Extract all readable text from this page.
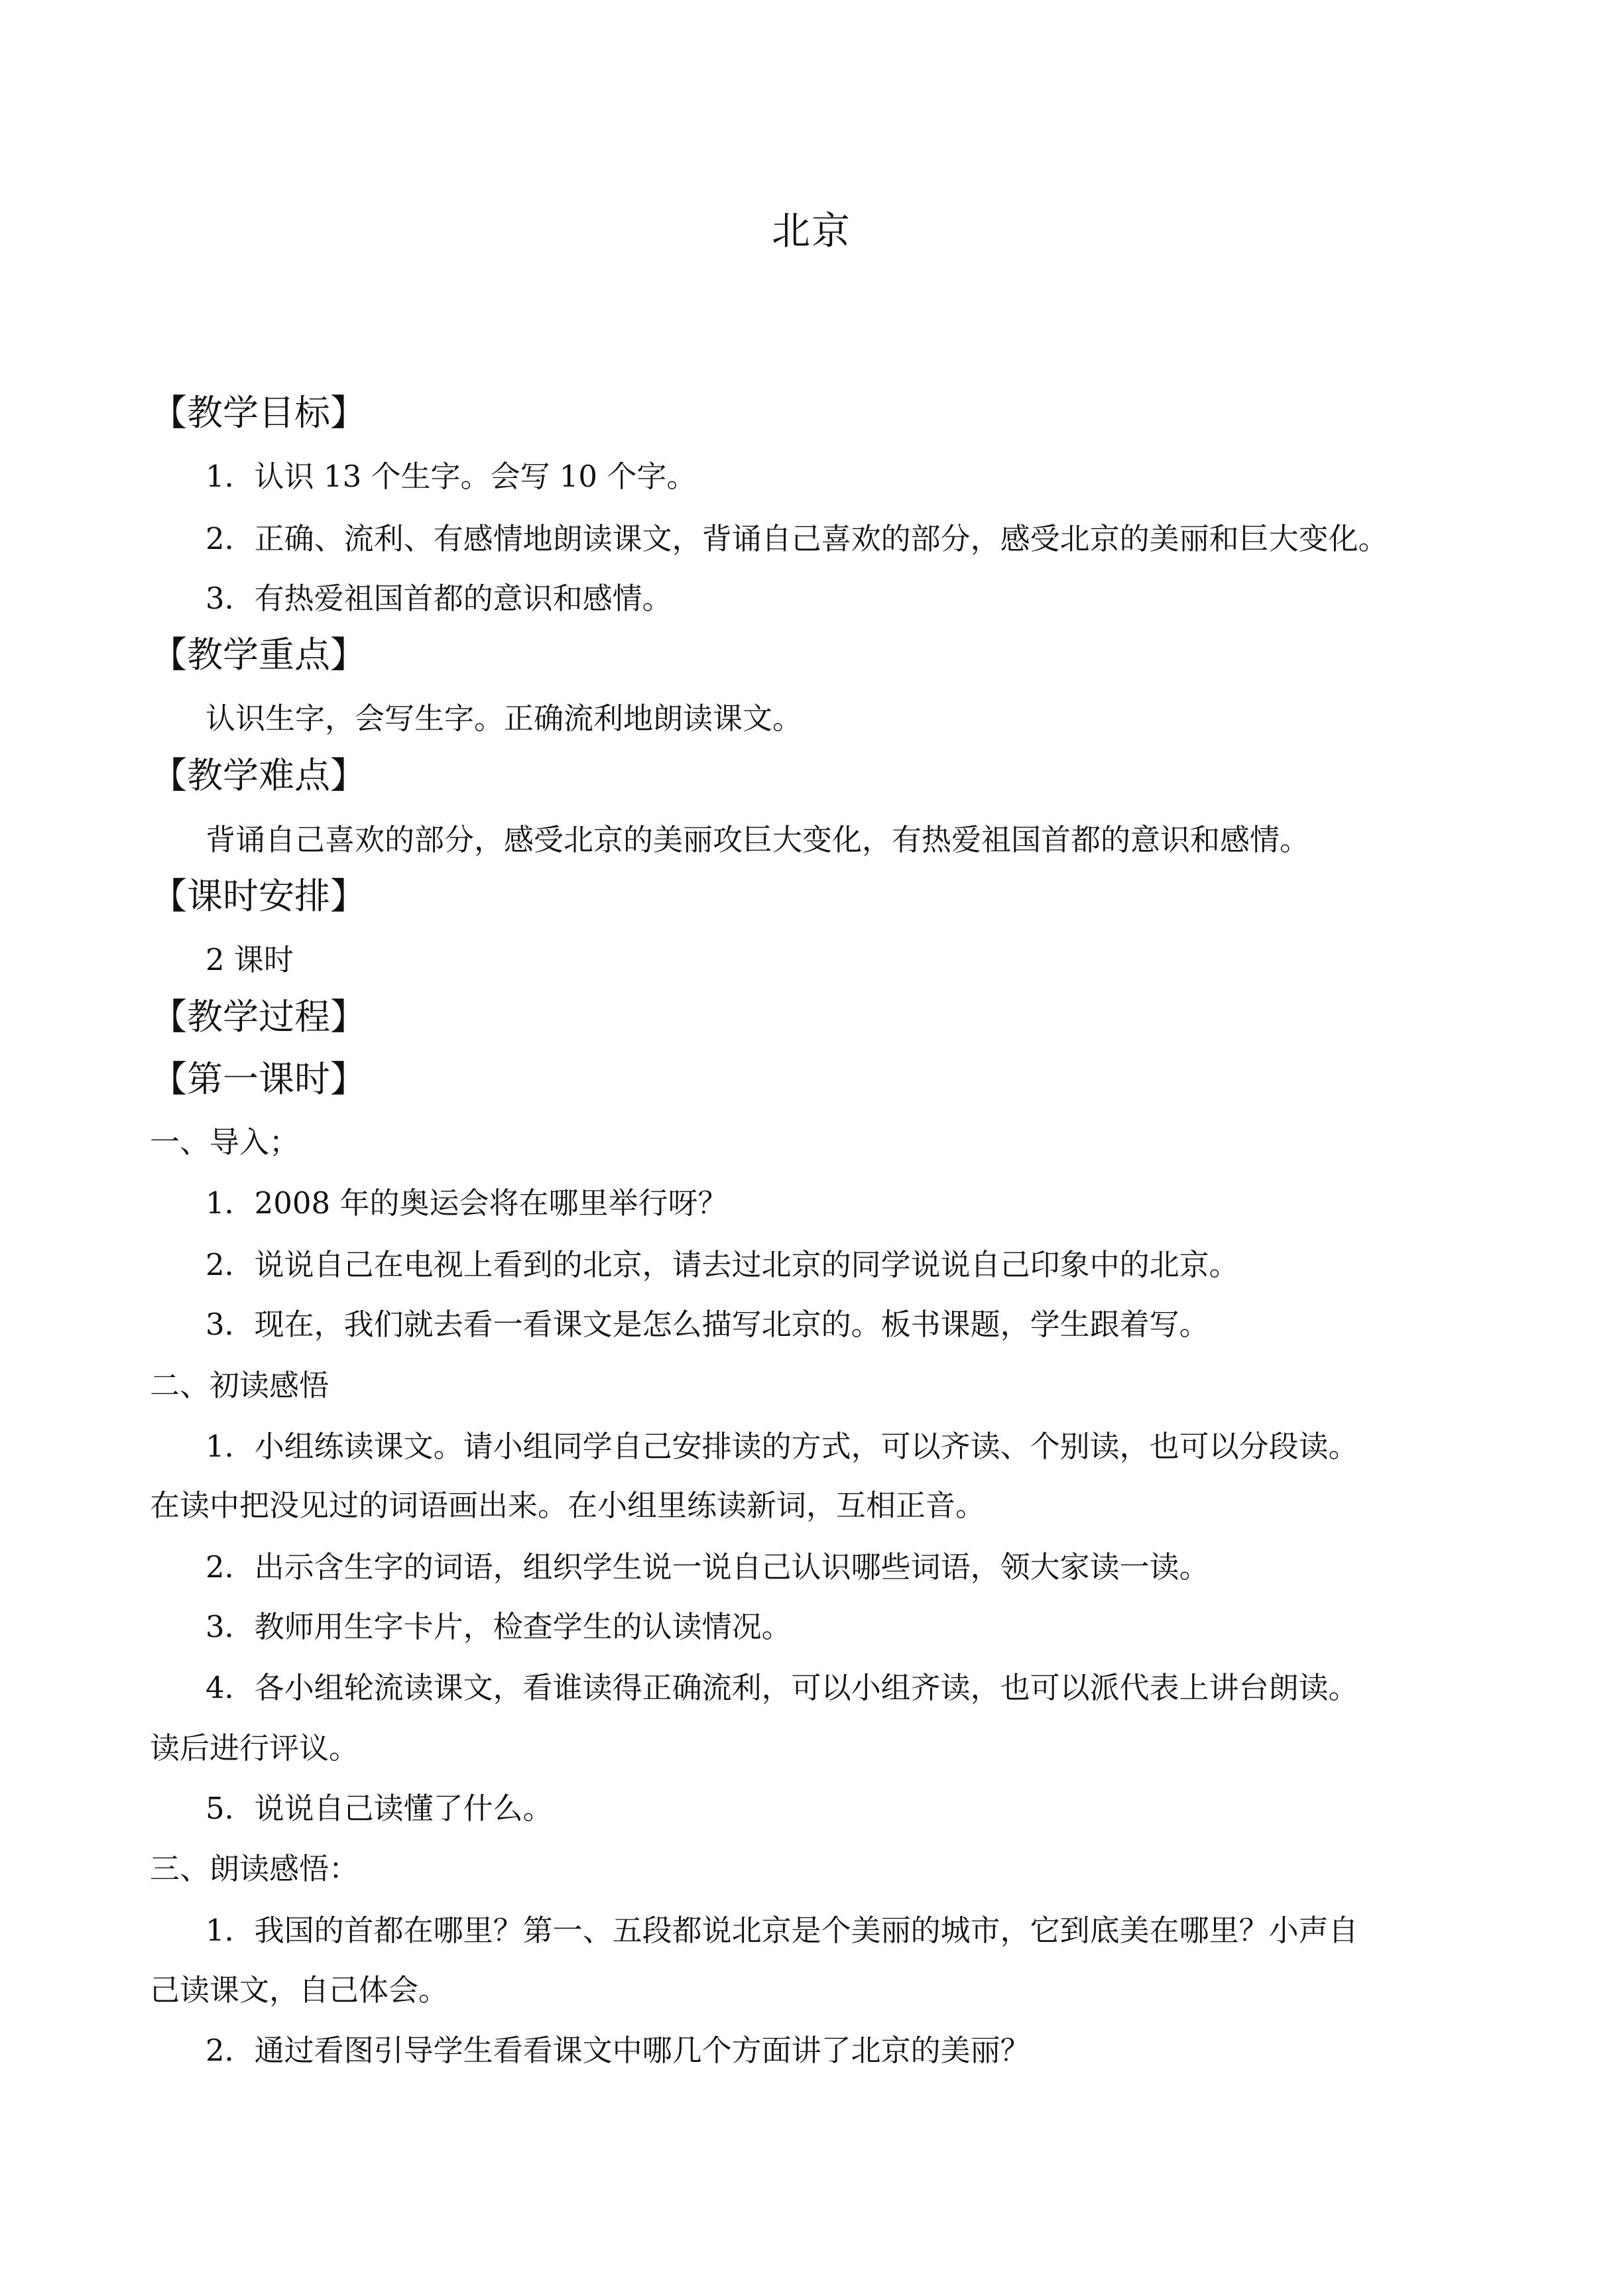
北京
【教学目标】
1．认识 13 个生字。会写 10 个字。
2．正确、流利、有感情地朗读课文，背诵自己喜欢的部分，感受北京的美丽和巨大变化。
3．有热爱祖国首都的意识和感情。
【教学重点】
认识生字，会写生字。正确流利地朗读课文。
【教学难点】
背诵自己喜欢的部分，感受北京的美丽攻巨大变化，有热爱祖国首都的意识和感情。
【课时安排】
2 课时
【教学过程】
【第一课时】
一、导入；
1．2008 年的奥运会将在哪里举行呀？
2．说说自己在电视上看到的北京，请去过北京的同学说说自己印象中的北京。
3．现在，我们就去看一看课文是怎么描写北京的。板书课题，学生跟着写。
二、初读感悟
1．小组练读课文。请小组同学自己安排读的方式，可以齐读、个别读，也可以分段读。
在读中把没见过的词语画出来。在小组里练读新词，互相正音。
2．出示含生字的词语，组织学生说一说自己认识哪些词语，领大家读一读。
3．教师用生字卡片，检查学生的认读情况。
4．各小组轮流读课文，看谁读得正确流利，可以小组齐读，也可以派代表上讲台朗读。
读后进行评议。
5．说说自己读懂了什么。
三、朗读感悟：
1．我国的首都在哪里？第一、五段都说北京是个美丽的城市，它到底美在哪里？小声自
己读课文，自己体会。
2．通过看图引导学生看看课文中哪几个方面讲了北京的美丽？
